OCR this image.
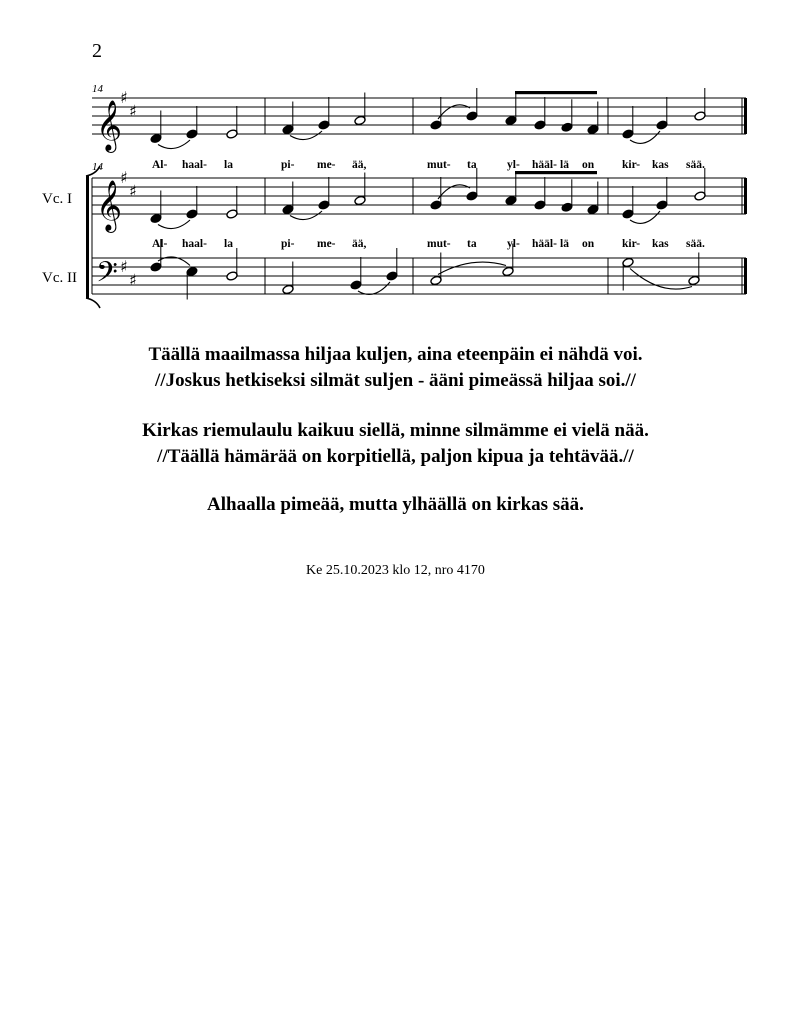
2
𝄞
♯
♯
𝄞
♯
♯
𝄢 ♯
♯
14
14
Vc. I
Vc. II
Al- haal- la	pi- me- ää,	mut- ta	yl- hääl- lä on kir- kas sää.
Al- haal- la	pi- me- ää,	mut- ta	yl- hääl- lä on kir- kas sää.

Täällä maailmassa hiljaa kuljen, aina eteenpäin ei nähdä voi.

//Joskus hetkiseksi silmät suljen - ääni pimeässä hiljaa soi.//

Kirkas riemulaulu kaikuu siellä, minne silmämme ei vielä nää.

//Täällä hämärää on korpitiellä, paljon kipua ja tehtävää.//

Alhaalla pimeää, mutta ylhäällä on kirkas sää.

Ke 25.10.2023 klo 12, nro 4170
